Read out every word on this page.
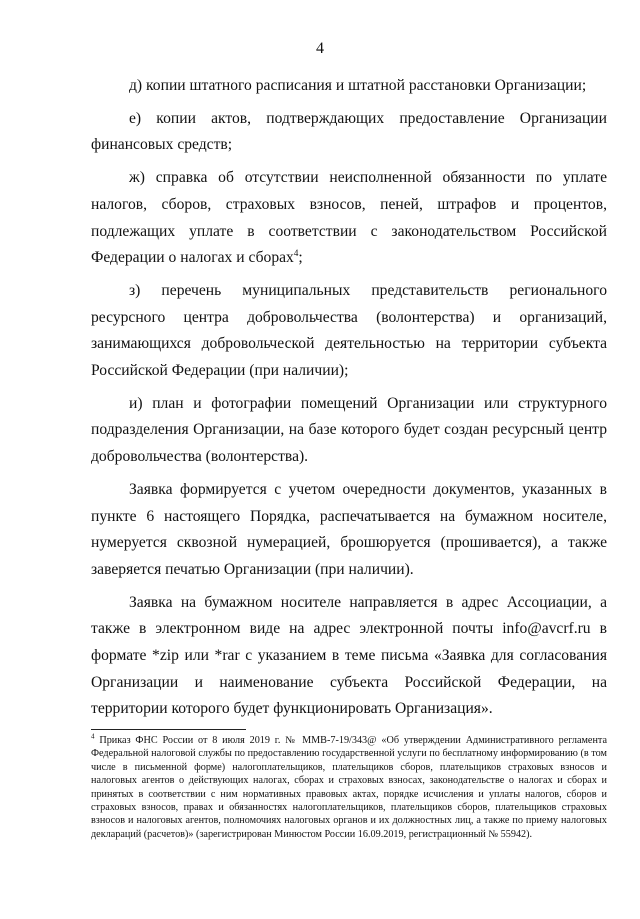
4

д) копии штатного расписания и штатной расстановки Организации;

е) копии актов, подтверждающих предоставление Организации финансовых средств;

ж) справка об отсутствии неисполненной обязанности по уплате налогов, сборов, страховых взносов, пеней, штрафов и процентов, подлежащих уплате в соответствии с законодательством Российской Федерации о налогах и сборах$^4$;

з) перечень муниципальных представительств регионального ресурсного центра добровольчества (волонтерства) и организаций, занимающихся добровольческой деятельностью на территории субъекта Российской Федерации (при наличии);

и) план и фотографии помещений Организации или структурного подразделения Организации, на базе которого будет создан ресурсный центр добровольчества (волонтерства).

Заявка формируется с учетом очередности документов, указанных в пункте 6 настоящего Порядка, распечатывается на бумажном носителе, нумеруется сквозной нумерацией, брошюруется (прошивается), а также заверяется печатью Организации (при наличии).

Заявка на бумажном носителе направляется в адрес Ассоциации, а также в электронном виде на адрес электронной почты info@avcrf.ru в формате *zip или *rar с указанием в теме письма «Заявка для согласования Организации и наименование субъекта Российской Федерации, на территории которого будет функционировать Организация».

$^4$ Приказ ФНС России от 8 июля 2019 г. № ММВ-7-19/343@ «Об утверждении Административного регламента Федеральной налоговой службы по предоставлению государственной услуги по бесплатному информированию (в том числе в письменной форме) налогоплательщиков, плательщиков сборов, плательщиков страховых взносов и налоговых агентов о действующих налогах, сборах и страховых взносах, законодательстве о налогах и сборах и принятых в соответствии с ним нормативных правовых актах, порядке исчисления и уплаты налогов, сборов и страховых взносов, правах и обязанностях налогоплательщиков, плательщиков сборов, плательщиков страховых взносов и налоговых агентов, полномочиях налоговых органов и их должностных лиц, а также по приему налоговых деклараций (расчетов)» (зарегистрирован Минюстом России 16.09.2019, регистрационный № 55942).
